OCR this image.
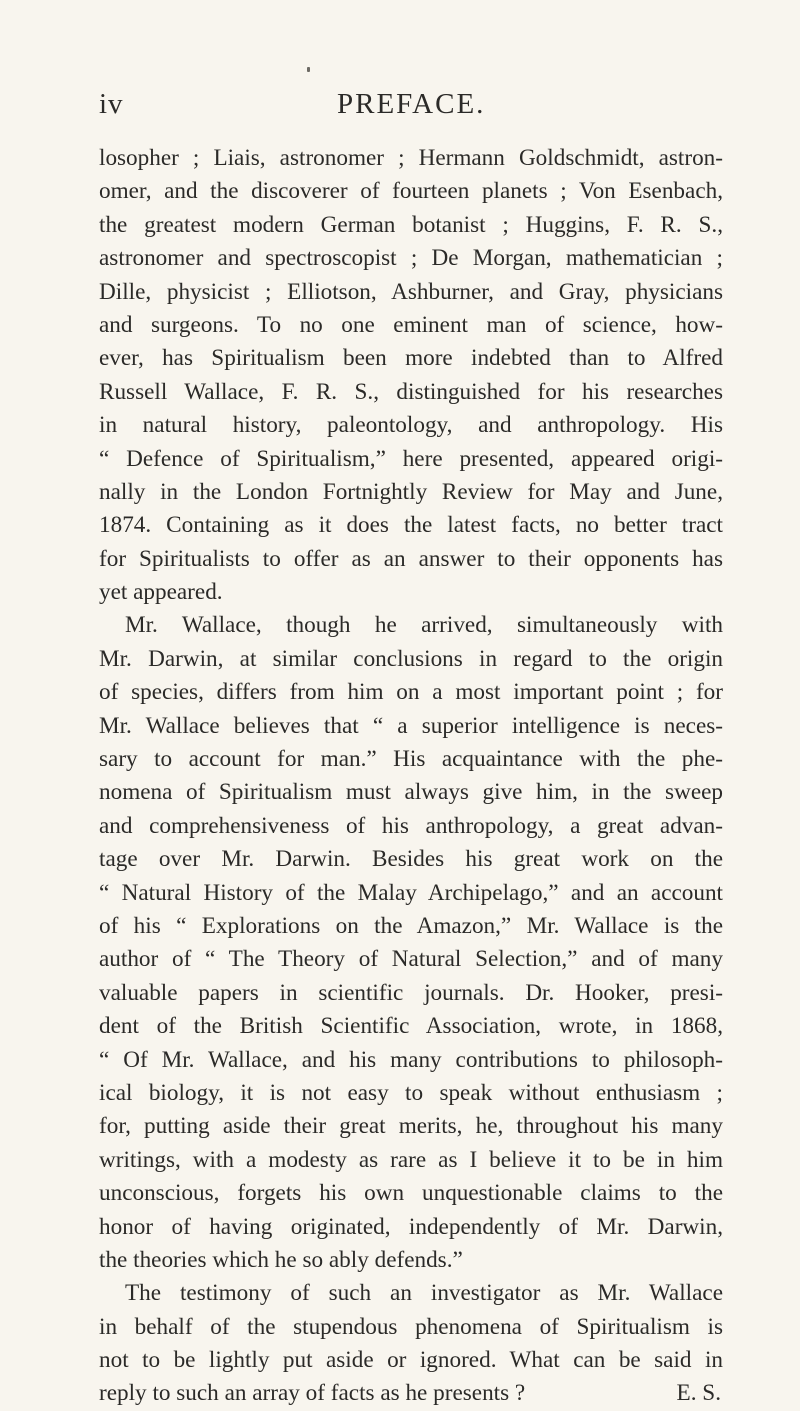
iv	PREFACE.
losopher ; Liais, astronomer ; Hermann Goldschmidt, astron-
omer, and the discoverer of fourteen planets ; Von Esenbach,
the greatest modern German botanist ; Huggins, F. R. S.,
astronomer and spectroscopist ; De Morgan, mathematician ;
Dille, physicist ; Elliotson, Ashburner, and Gray, physicians
and surgeons. To no one eminent man of science, how-
ever, has Spiritualism been more indebted than to Alfred
Russell Wallace, F. R. S., distinguished for his researches
in natural history, paleontology, and anthropology. His
“ Defence of Spiritualism,” here presented, appeared origi-
nally in the London Fortnightly Review for May and June,
1874. Containing as it does the latest facts, no better tract
for Spiritualists to offer as an answer to their opponents has
yet appeared.
Mr. Wallace, though he arrived, simultaneously with
Mr. Darwin, at similar conclusions in regard to the origin
of species, differs from him on a most important point ; for
Mr. Wallace believes that “ a superior intelligence is neces-
sary to account for man.” His acquaintance with the phe-
nomena of Spiritualism must always give him, in the sweep
and comprehensiveness of his anthropology, a great advan-
tage over Mr. Darwin. Besides his great work on the
“ Natural History of the Malay Archipelago,” and an account
of his “ Explorations on the Amazon,” Mr. Wallace is the
author of “ The Theory of Natural Selection,” and of many
valuable papers in scientific journals. Dr. Hooker, presi-
dent of the British Scientific Association, wrote, in 1868,
“ Of Mr. Wallace, and his many contributions to philosoph-
ical biology, it is not easy to speak without enthusiasm ;
for, putting aside their great merits, he, throughout his many
writings, with a modesty as rare as I believe it to be in him
unconscious, forgets his own unquestionable claims to the
honor of having originated, independently of Mr. Darwin,
the theories which he so ably defends.”
The testimony of such an investigator as Mr. Wallace
in behalf of the stupendous phenomena of Spiritualism is
not to be lightly put aside or ignored. What can be said in
reply to such an array of facts as he presents ?	E. S.
